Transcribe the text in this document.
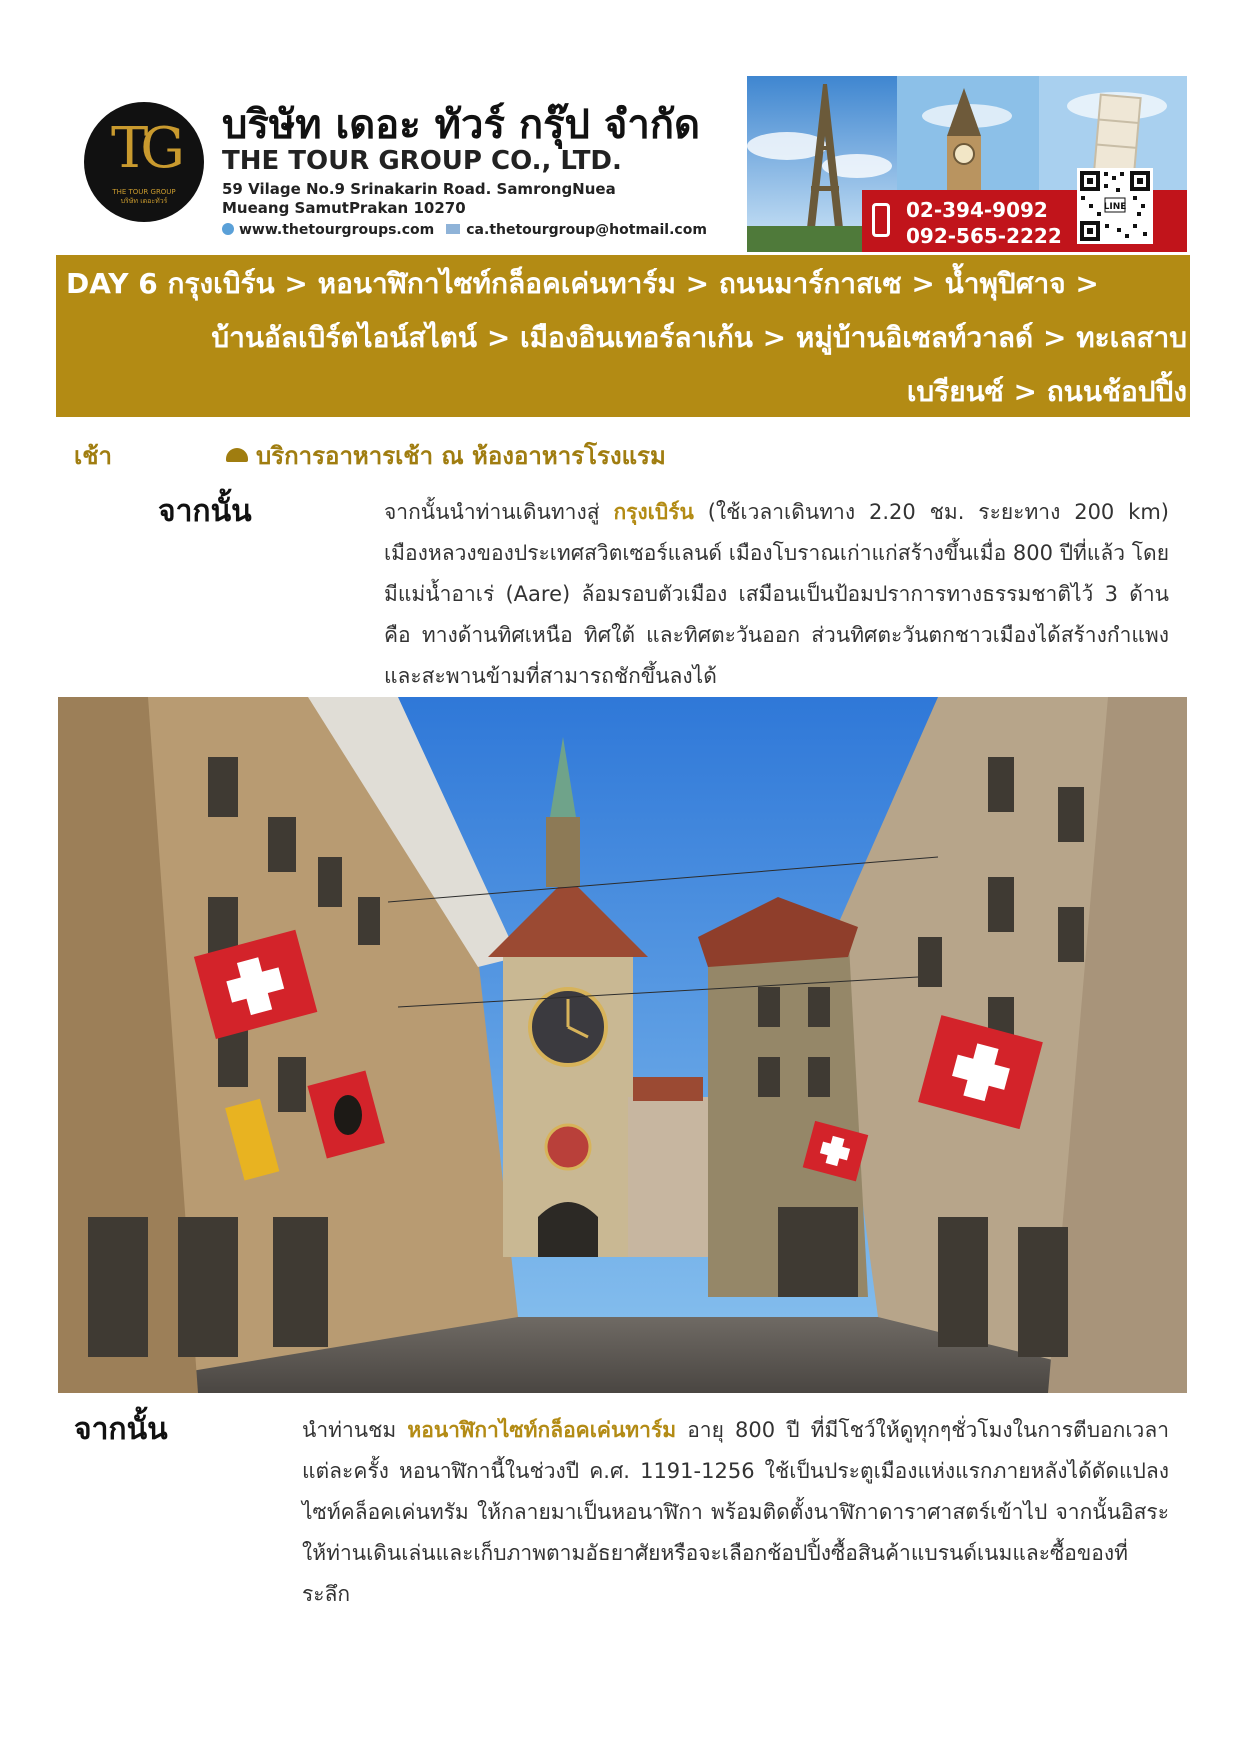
TG
THE TOUR GROUP
บริษัท เดอะทัวร์
บริษัท เดอะ ทัวร์ กรุ๊ป จำกัด
THE TOUR GROUP CO., LTD.
59 Vilage No.9 Srinakarin Road. SamrongNuea
Mueang SamutPrakan 10270
www.thetourgroups.com ca.thetourgroup@hotmail.com
02-394-9092
092-565-2222
LINE
DAY 6 กรุงเบิร์น > หอนาฬิกาไซท์กล็อคเค่นทาร์ม > ถนนมาร์กาสเซ > น้ำพุปิศาจ >
บ้านอัลเบิร์ตไอน์สไตน์ > เมืองอินเทอร์ลาเก้น > หมู่บ้านอิเซลท์วาลด์ > ทะเลสาบ
เบรียนซ์ > ถนนช้อปปิ้ง
เช้า	บริการอาหารเช้า ณ ห้องอาหารโรงแรม
จากนั้น	จากนั้นนำท่านเดินทางสู่ กรุงเบิร์น (ใช้เวลาเดินทาง 2.20 ชม. ระยะทาง 200 km) เมืองหลวงของประเทศสวิตเซอร์แลนด์ เมืองโบราณเก่าแก่สร้างขึ้นเมื่อ 800 ปีที่แล้ว โดยมีแม่น้ำอาเร่ (Aare) ล้อมรอบตัวเมือง เสมือนเป็นป้อมปราการทางธรรมชาติไว้ 3 ด้าน คือ ทางด้านทิศเหนือ ทิศใต้ และทิศตะวันออก ส่วนทิศตะวันตกชาวเมืองได้สร้างกำแพง และสะพานข้ามที่สามารถชักขึ้นลงได้
จากนั้น	นำท่านชม หอนาฬิกาไซท์กล็อคเค่นทาร์ม อายุ 800 ปี ที่มีโชว์ให้ดูทุกๆชั่วโมงในการตีบอกเวลาแต่ละครั้ง หอนาฬิกานี้ในช่วงปี ค.ศ. 1191-1256 ใช้เป็นประตูเมืองแห่งแรกภายหลังได้ดัดแปลงไซท์คล็อคเค่นทรัม ให้กลายมาเป็นหอนาฬิกา พร้อมติดตั้งนาฬิกาดาราศาสตร์เข้าไป จากนั้นอิสระให้ท่านเดินเล่นและเก็บภาพตามอัธยาศัยหรือจะเลือกช้อปปิ้งซื้อสินค้าแบรนด์เนมและซื้อของที่ระลึก
